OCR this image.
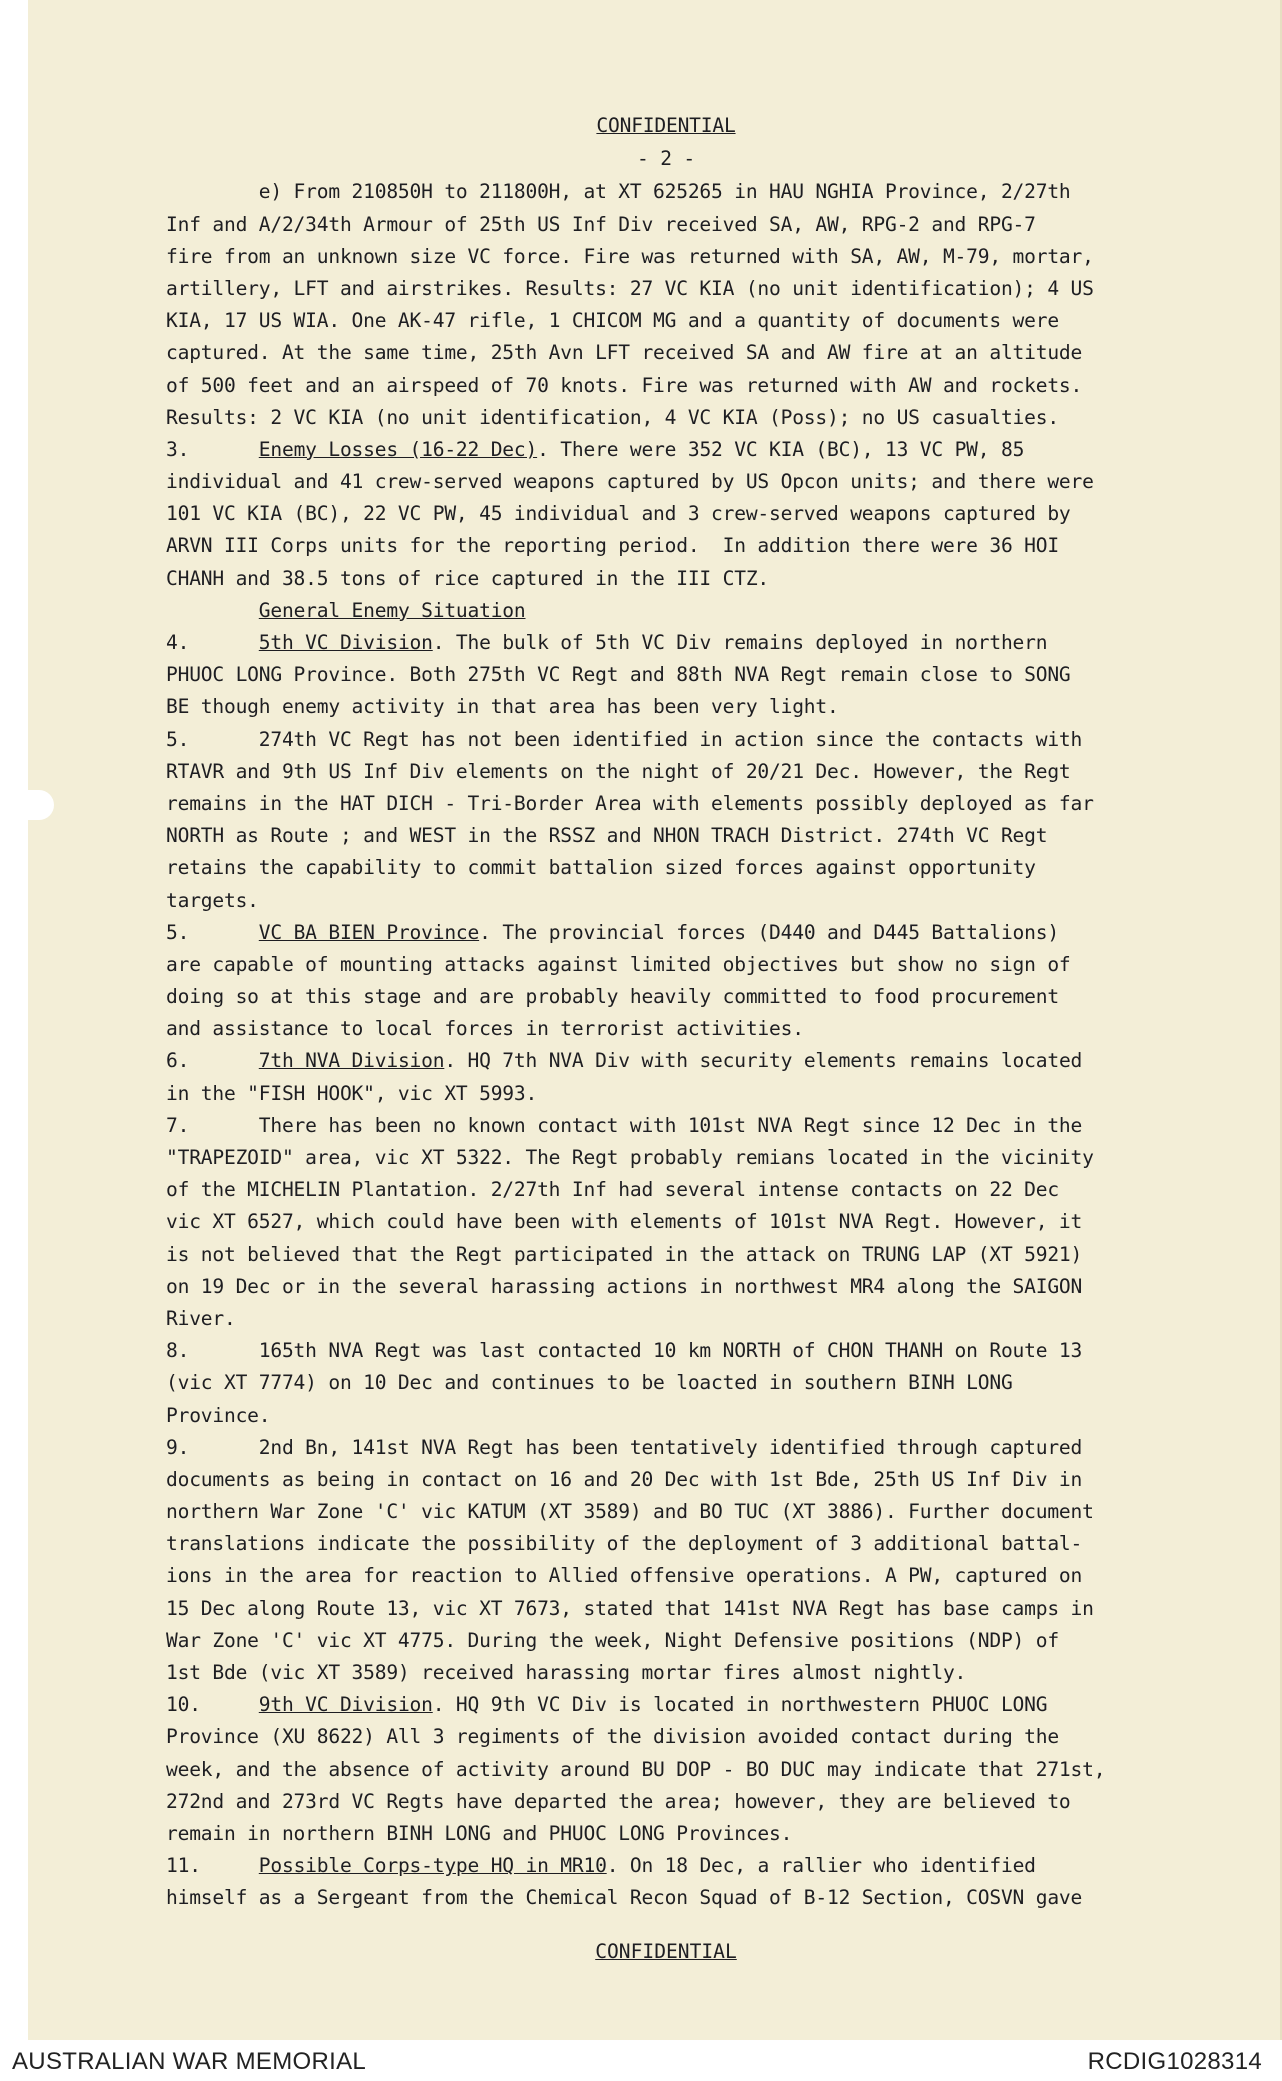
CONFIDENTIAL
- 2 -
e) From 210850H to 211800H, at XT 625265 in HAU NGHIA Province, 2/27th
Inf and A/2/34th Armour of 25th US Inf Div received SA, AW, RPG-2 and RPG-7
fire from an unknown size VC force. Fire was returned with SA, AW, M-79, mortar,
artillery, LFT and airstrikes. Results: 27 VC KIA (no unit identification); 4 US
KIA, 17 US WIA. One AK-47 rifle, 1 CHICOM MG and a quantity of documents were
captured. At the same time, 25th Avn LFT received SA and AW fire at an altitude
of 500 feet and an airspeed of 70 knots. Fire was returned with AW and rockets.
Results: 2 VC KIA (no unit identification, 4 VC KIA (Poss); no US casualties.
3.      Enemy Losses (16-22 Dec). There were 352 VC KIA (BC), 13 VC PW, 85
individual and 41 crew-served weapons captured by US Opcon units; and there were
101 VC KIA (BC), 22 VC PW, 45 individual and 3 crew-served weapons captured by
ARVN III Corps units for the reporting period.  In addition there were 36 HOI
CHANH and 38.5 tons of rice captured in the III CTZ.
General Enemy Situation
4.      5th VC Division. The bulk of 5th VC Div remains deployed in northern
PHUOC LONG Province. Both 275th VC Regt and 88th NVA Regt remain close to SONG
BE though enemy activity in that area has been very light.
5.      274th VC Regt has not been identified in action since the contacts with
RTAVR and 9th US Inf Div elements on the night of 20/21 Dec. However, the Regt
remains in the HAT DICH - Tri-Border Area with elements possibly deployed as far
NORTH as Route ; and WEST in the RSSZ and NHON TRACH District. 274th VC Regt
retains the capability to commit battalion sized forces against opportunity
targets.
5.      VC BA BIEN Province. The provincial forces (D440 and D445 Battalions)
are capable of mounting attacks against limited objectives but show no sign of
doing so at this stage and are probably heavily committed to food procurement
and assistance to local forces in terrorist activities.
6.      7th NVA Division. HQ 7th NVA Div with security elements remains located
in the "FISH HOOK", vic XT 5993.
7.      There has been no known contact with 101st NVA Regt since 12 Dec in the
"TRAPEZOID" area, vic XT 5322. The Regt probably remians located in the vicinity
of the MICHELIN Plantation. 2/27th Inf had several intense contacts on 22 Dec
vic XT 6527, which could have been with elements of 101st NVA Regt. However, it
is not believed that the Regt participated in the attack on TRUNG LAP (XT 5921)
on 19 Dec or in the several harassing actions in northwest MR4 along the SAIGON
River.
8.      165th NVA Regt was last contacted 10 km NORTH of CHON THANH on Route 13
(vic XT 7774) on 10 Dec and continues to be loacted in southern BINH LONG
Province.
9.      2nd Bn, 141st NVA Regt has been tentatively identified through captured
documents as being in contact on 16 and 20 Dec with 1st Bde, 25th US Inf Div in
northern War Zone 'C' vic KATUM (XT 3589) and BO TUC (XT 3886). Further document
translations indicate the possibility of the deployment of 3 additional battal-
ions in the area for reaction to Allied offensive operations. A PW, captured on
15 Dec along Route 13, vic XT 7673, stated that 141st NVA Regt has base camps in
War Zone 'C' vic XT 4775. During the week, Night Defensive positions (NDP) of
1st Bde (vic XT 3589) received harassing mortar fires almost nightly.
10.     9th VC Division. HQ 9th VC Div is located in northwestern PHUOC LONG
Province (XU 8622) All 3 regiments of the division avoided contact during the
week, and the absence of activity around BU DOP - BO DUC may indicate that 271st,
272nd and 273rd VC Regts have departed the area; however, they are believed to
remain in northern BINH LONG and PHUOC LONG Provinces.
11.     Possible Corps-type HQ in MR10. On 18 Dec, a rallier who identified
himself as a Sergeant from the Chemical Recon Squad of B-12 Section, COSVN gave
CONFIDENTIAL
AUSTRALIAN WAR MEMORIAL	RCDIG1028314
